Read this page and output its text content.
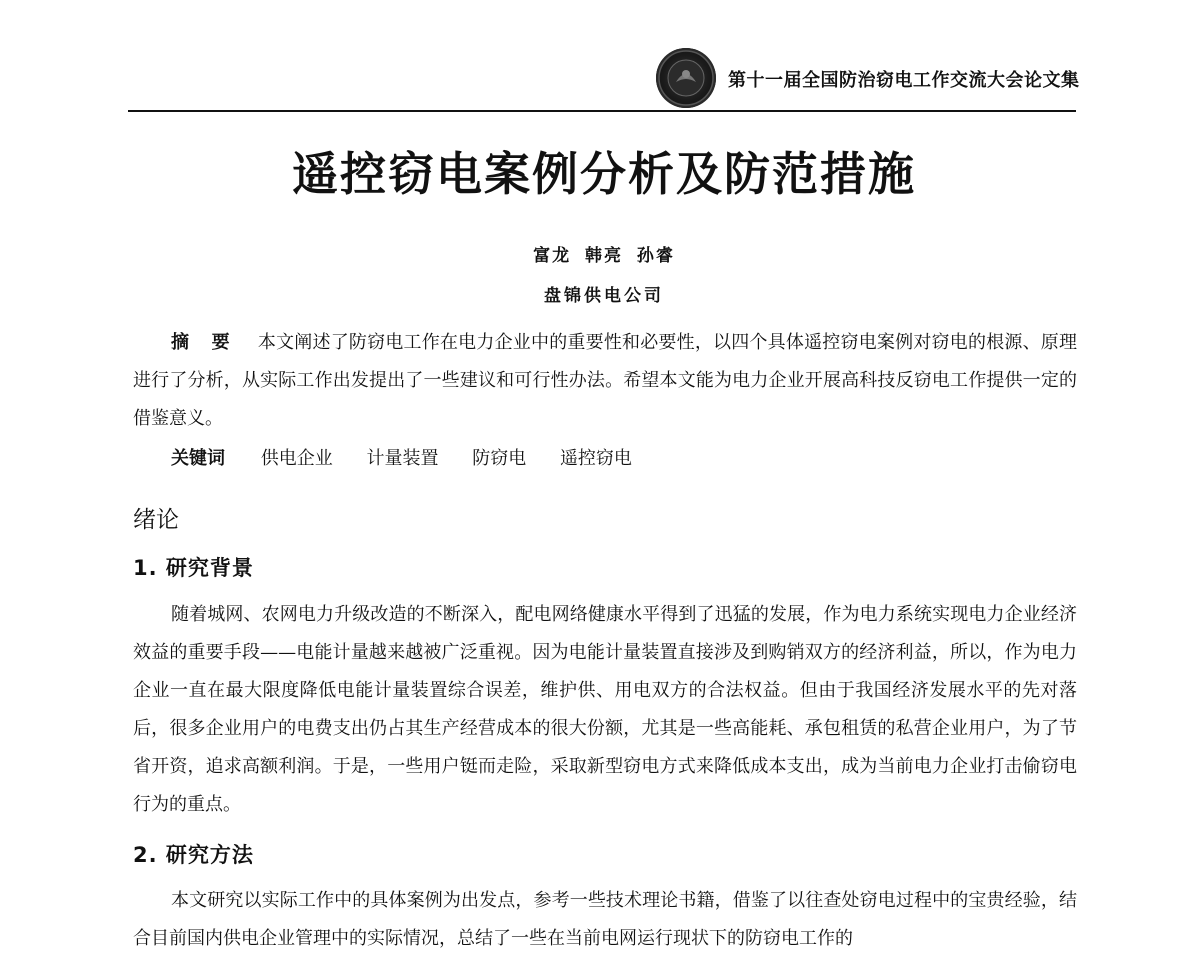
第十一届全国防治窃电工作交流大会论文集
遥控窃电案例分析及防范措施
富龙 韩亮 孙睿
盘锦供电公司
摘 要 本文阐述了防窃电工作在电力企业中的重要性和必要性，以四个具体遥控窃电案例对窃电的根源、原理进行了分析，从实际工作出发提出了一些建议和可行性办法。希望本文能为电力企业开展高科技反窃电工作提供一定的借鉴意义。
关键词 供电企业 计量装置 防窃电 遥控窃电
绪论
1. 研究背景
随着城网、农网电力升级改造的不断深入，配电网络健康水平得到了迅猛的发展，作为电力系统实现电力企业经济效益的重要手段——电能计量越来越被广泛重视。因为电能计量装置直接涉及到购销双方的经济利益，所以，作为电力企业一直在最大限度降低电能计量装置综合误差，维护供、用电双方的合法权益。但由于我国经济发展水平的先对落后，很多企业用户的电费支出仍占其生产经营成本的很大份额，尤其是一些高能耗、承包租赁的私营企业用户，为了节省开资，追求高额利润。于是，一些用户铤而走险，采取新型窃电方式来降低成本支出，成为当前电力企业打击偷窃电行为的重点。
2. 研究方法
本文研究以实际工作中的具体案例为出发点，参考一些技术理论书籍，借鉴了以往查处窃电过程中的宝贵经验，结合目前国内供电企业管理中的实际情况，总结了一些在当前电网运行现状下的防窃电工作的
